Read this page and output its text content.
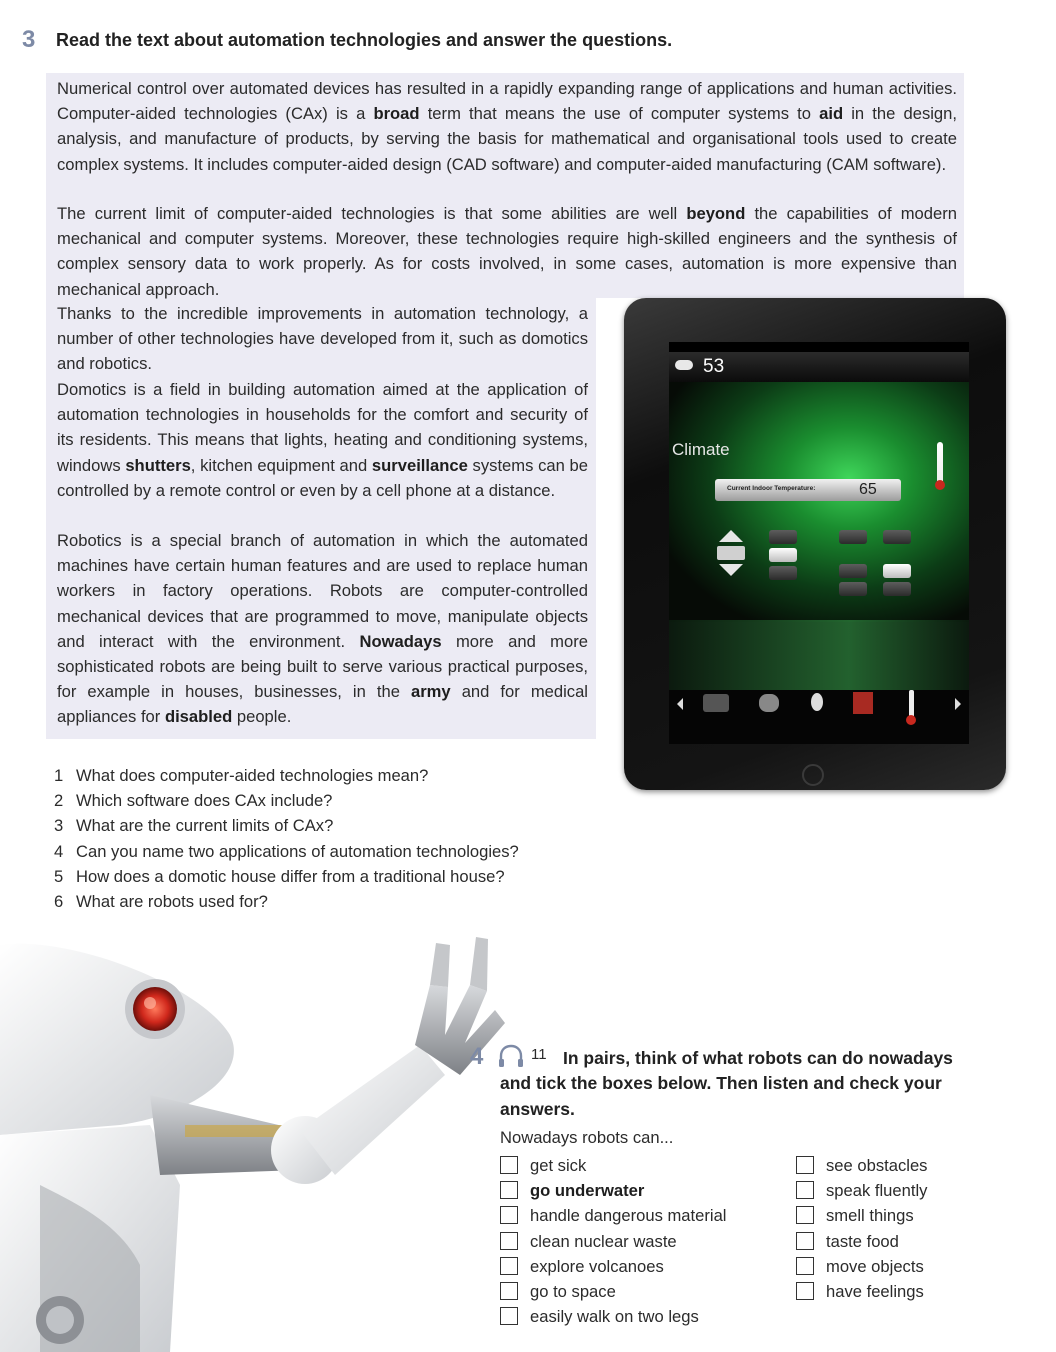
3 Read the text about automation technologies and answer the questions.

Numerical control over automated devices has resulted in a rapidly expanding range of applications and human activities. Computer-aided technologies (CAx) is a broad term that means the use of computer systems to aid in the design, analysis, and manufacture of products, by serving the basis for mathematical and organisational tools used to create complex systems. It includes computer-aided design (CAD software) and computer-aided manufacturing (CAM software).

The current limit of computer-aided technologies is that some abilities are well beyond the capabilities of modern mechanical and computer systems. Moreover, these technologies require high-skilled engineers and the synthesis of complex sensory data to work properly. As for costs involved, in some cases, automation is more expensive than mechanical approach.

Thanks to the incredible improvements in automation technology, a number of other technologies have developed from it, such as domotics and robotics.

Domotics is a field in building automation aimed at the application of automation technologies in households for the comfort and security of its residents. This means that lights, heating and conditioning systems, windows shutters, kitchen equipment and surveillance systems can be controlled by a remote control or even by a cell phone at a distance.

Robotics is a special branch of automation in which the automated machines have certain human features and are used to replace human workers in factory operations. Robots are computer-controlled mechanical devices that are programmed to move, manipulate objects and interact with the environment. Nowadays more and more sophisticated robots are being built to serve various practical purposes, for example in houses, businesses, in the army and for medical appliances for disabled people.

1 What does computer-aided technologies mean?
2 Which software does CAx include?
3 What are the current limits of CAx?
4 Can you name two applications of automation technologies?
5 How does a domotic house differ from a traditional house?
6 What are robots used for?
53
Climate
Current Indoor Temperature:	65
4	11 In pairs, think of what robots can do nowadays and tick the boxes below. Then listen and check your answers.

Nowadays robots can...
get sick
go underwater
handle dangerous material
clean nuclear waste
explore volcanoes
go to space
easily walk on two legs
see obstacles
speak fluently
smell things
taste food
move objects
have feelings
